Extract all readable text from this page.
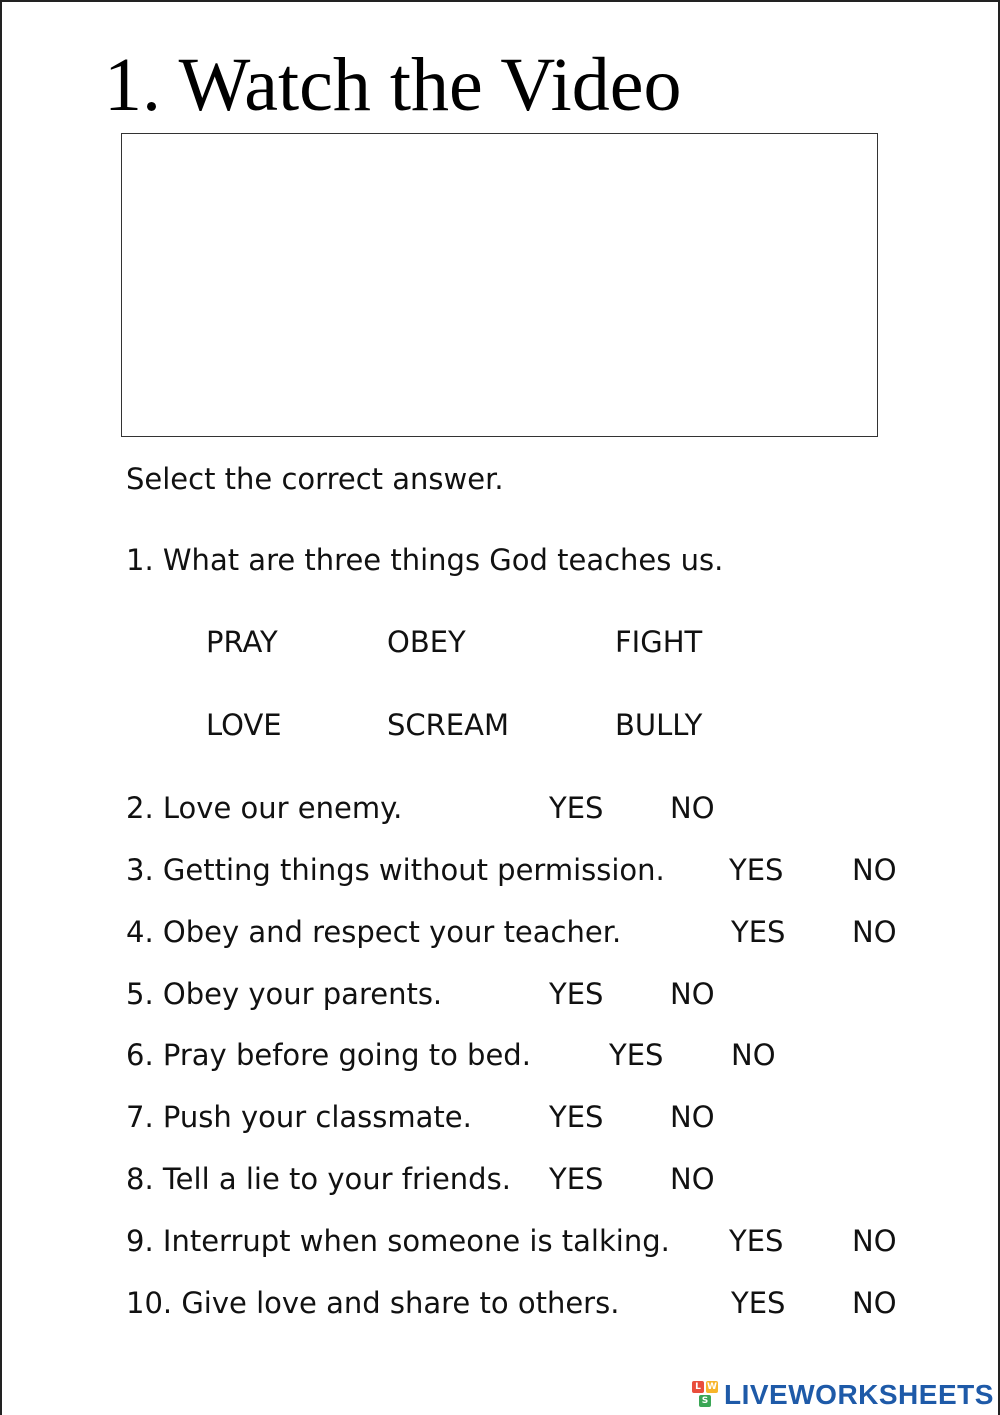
1. Watch the Video
Select the correct answer.
1. What are three things God teaches us.
PRAY	OBEY	FIGHT
LOVE	SCREAM	BULLY
2. Love our enemy.	YES NO
3. Getting things without permission. YES NO
4. Obey and respect your teacher.	YES NO
5. Obey your parents.	YES NO
6. Pray before going to bed.	YES NO
7. Push your classmate.	YES NO
8. Tell a lie to your friends. YES NO
9. Interrupt when someone is talking. YES NO
10. Give love and share to others.	YES NO
L W
S LIVEWORKSHEETS
